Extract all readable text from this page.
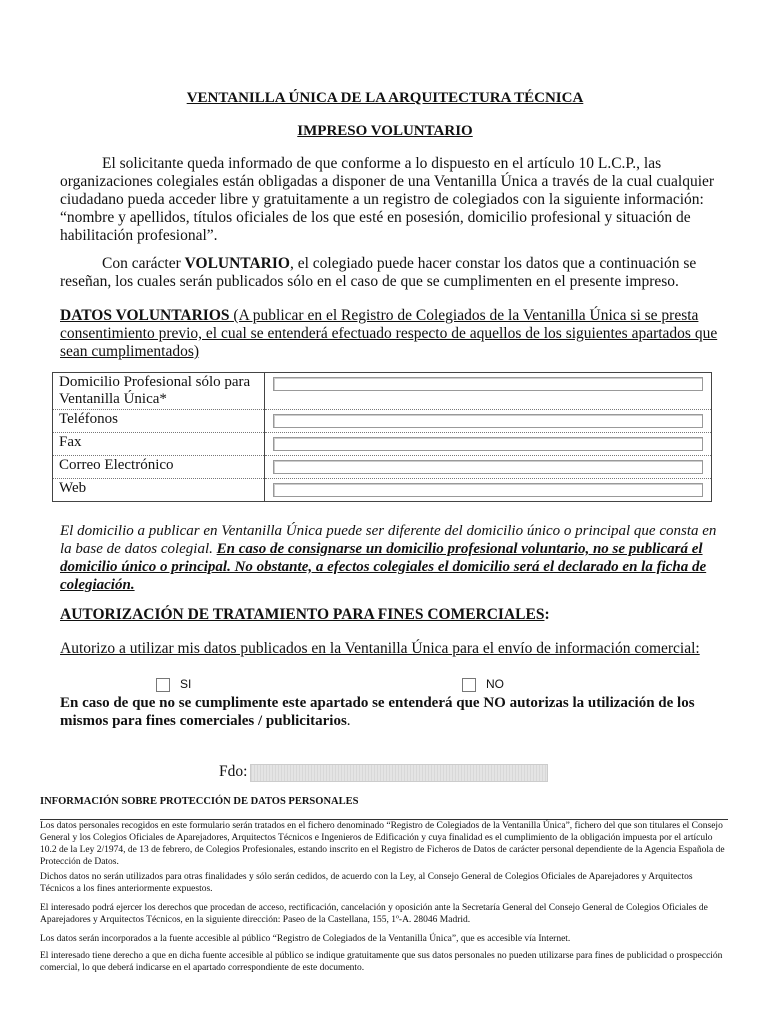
VENTANILLA ÚNICA DE LA ARQUITECTURA TÉCNICA
IMPRESO VOLUNTARIO
El solicitante queda informado de que conforme a lo dispuesto en el artículo 10 L.C.P., las organizaciones colegiales están obligadas a disponer de una Ventanilla Única a través de la cual cualquier ciudadano pueda acceder libre y gratuitamente a un registro de colegiados con la siguiente información: “nombre y apellidos, títulos oficiales de los que esté en posesión, domicilio profesional y situación de habilitación profesional”.
Con carácter VOLUNTARIO, el colegiado puede hacer constar los datos que a continuación se reseñan, los cuales serán publicados sólo en el caso de que se cumplimenten en el presente impreso.
DATOS VOLUNTARIOS (A publicar en el Registro de Colegiados de la Ventanilla Única si se presta consentimiento previo, el cual se entenderá efectuado respecto de aquellos de los siguientes apartados que sean cumplimentados)
Domicilio Profesional sólo para Ventanilla Única*	

Teléfonos	

Fax	

Correo Electrónico	

Web	
El domicilio a publicar en Ventanilla Única puede ser diferente del domicilio único o principal que consta en la base de datos colegial. En caso de consignarse un domicilio profesional voluntario, no se publicará el domicilio único o principal. No obstante, a efectos colegiales el domicilio será el declarado en la ficha de colegiación.
AUTORIZACIÓN DE TRATAMIENTO PARA FINES COMERCIALES:
Autorizo a utilizar mis datos publicados en la Ventanilla Única para el envío de información comercial:
SI	NO
En caso de que no se cumplimente este apartado se entenderá que NO autorizas la utilización de los mismos para fines comerciales / publicitarios.
Fdo:
INFORMACIÓN SOBRE PROTECCIÓN DE DATOS PERSONALES
Los datos personales recogidos en este formulario serán tratados en el fichero denominado “Registro de Colegiados de la Ventanilla Única”, fichero del que son titulares el Consejo General y los Colegios Oficiales de Aparejadores, Arquitectos Técnicos e Ingenieros de Edificación y cuya finalidad es el cumplimiento de la obligación impuesta por el artículo 10.2 de la Ley 2/1974, de 13 de febrero, de Colegios Profesionales, estando inscrito en el Registro de Ficheros de Datos de carácter personal dependiente de la Agencia Española de Protección de Datos.
Dichos datos no serán utilizados para otras finalidades y sólo serán cedidos, de acuerdo con la Ley, al Consejo General de Colegios Oficiales de Aparejadores y Arquitectos Técnicos a los fines anteriormente expuestos.
El interesado podrá ejercer los derechos que procedan de acceso, rectificación, cancelación y oposición ante la Secretaría General del Consejo General de Colegios Oficiales de Aparejadores y Arquitectos Técnicos, en la siguiente dirección: Paseo de la Castellana, 155, 1º-A. 28046 Madrid.
Los datos serán incorporados a la fuente accesible al público “Registro de Colegiados de la Ventanilla Única”, que es accesible vía Internet.
El interesado tiene derecho a que en dicha fuente accesible al público se indique gratuitamente que sus datos personales no pueden utilizarse para fines de publicidad o prospección comercial, lo que deberá indicarse en el apartado correspondiente de este documento.
